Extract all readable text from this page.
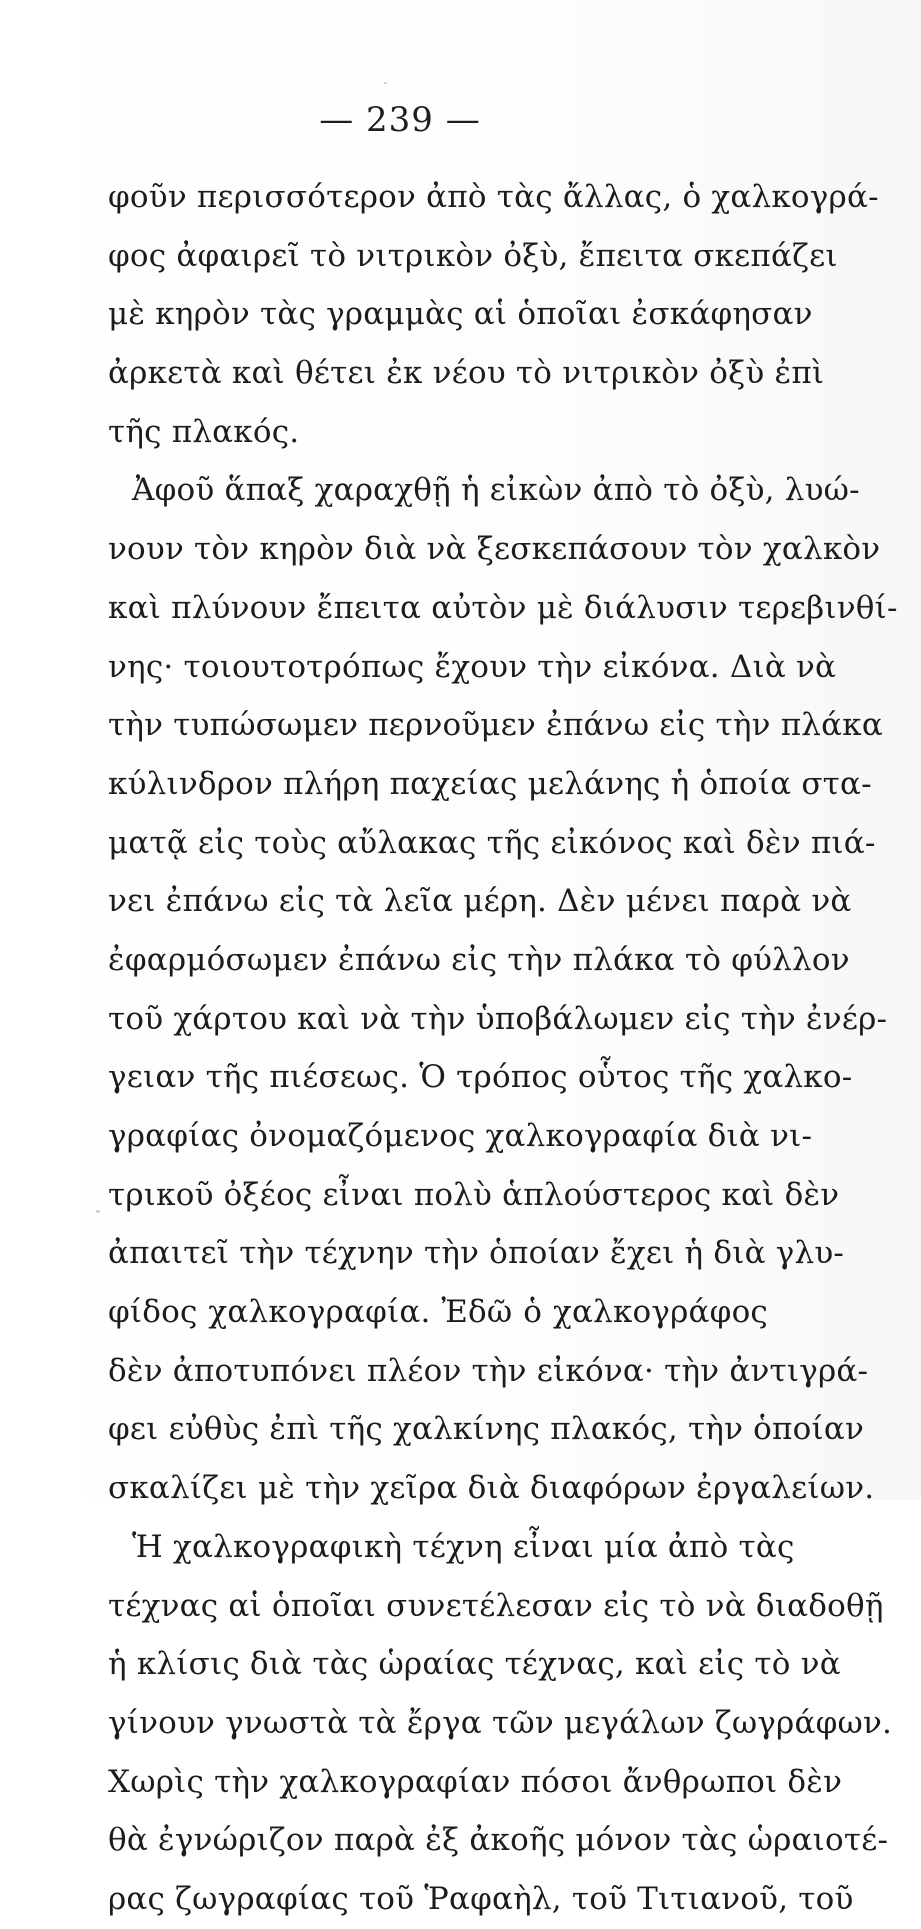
— 239 —
φοῦν περισσότερον ἀπὸ τὰς ἄλλας, ὁ χαλκογρά-
φος ἀφαιρεῖ τὸ νιτρικὸν ὀξὺ, ἔπειτα σκεπάζει
μὲ κηρὸν τὰς γραμμὰς αἱ ὁποῖαι ἐσκάφησαν
ἀρκετὰ καὶ θέτει ἐκ νέου τὸ νιτρικὸν ὀξὺ ἐπὶ
τῆς πλακός.
Ἀφοῦ ἅπαξ χαραχθῇ ἡ εἰκὼν ἀπὸ τὸ ὀξὺ, λυώ-
νουν τὸν κηρὸν διὰ νὰ ξεσκεπάσουν τὸν χαλκὸν
καὶ πλύνουν ἔπειτα αὐτὸν μὲ διάλυσιν τερεβινθί-
νης· τοιουτοτρόπως ἔχουν τὴν εἰκόνα. Διὰ νὰ
τὴν τυπώσωμεν περνοῦμεν ἐπάνω εἰς τὴν πλάκα
κύλινδρον πλήρη παχείας μελάνης ἡ ὁποία στα-
ματᾷ εἰς τοὺς αὔλακας τῆς εἰκόνος καὶ δὲν πιά-
νει ἐπάνω εἰς τὰ λεῖα μέρη. Δὲν μένει παρὰ νὰ
ἐφαρμόσωμεν ἐπάνω εἰς τὴν πλάκα τὸ φύλλον
τοῦ χάρτου καὶ νὰ τὴν ὑποβάλωμεν εἰς τὴν ἐνέρ-
γειαν τῆς πιέσεως. Ὁ τρόπος οὗτος τῆς χαλκο-
γραφίας ὀνομαζόμενος χαλκογραφία διὰ νι-
τρικοῦ ὀξέος εἶναι πολὺ ἁπλούστερος καὶ δὲν
ἀπαιτεῖ τὴν τέχνην τὴν ὁποίαν ἔχει ἡ διὰ γλυ-
φίδος χαλκογραφία. Ἐδῶ ὁ χαλκογράφος
δὲν ἀποτυπόνει πλέον τὴν εἰκόνα· τὴν ἀντιγρά-
φει εὐθὺς ἐπὶ τῆς χαλκίνης πλακός, τὴν ὁποίαν
σκαλίζει μὲ τὴν χεῖρα διὰ διαφόρων ἐργαλείων.
Ἡ χαλκογραφικὴ τέχνη εἶναι μία ἀπὸ τὰς
τέχνας αἱ ὁποῖαι συνετέλεσαν εἰς τὸ νὰ διαδοθῇ
ἡ κλίσις διὰ τὰς ὡραίας τέχνας, καὶ εἰς τὸ νὰ
γίνουν γνωστὰ τὰ ἔργα τῶν μεγάλων ζωγράφων.
Χωρὶς τὴν χαλκογραφίαν πόσοι ἄνθρωποι δὲν
θὰ ἐγνώριζον παρὰ ἐξ ἀκοῆς μόνον τὰς ὡραιοτέ-
ρας ζωγραφίας τοῦ Ῥαφαὴλ, τοῦ Τιτιανοῦ, τοῦ
